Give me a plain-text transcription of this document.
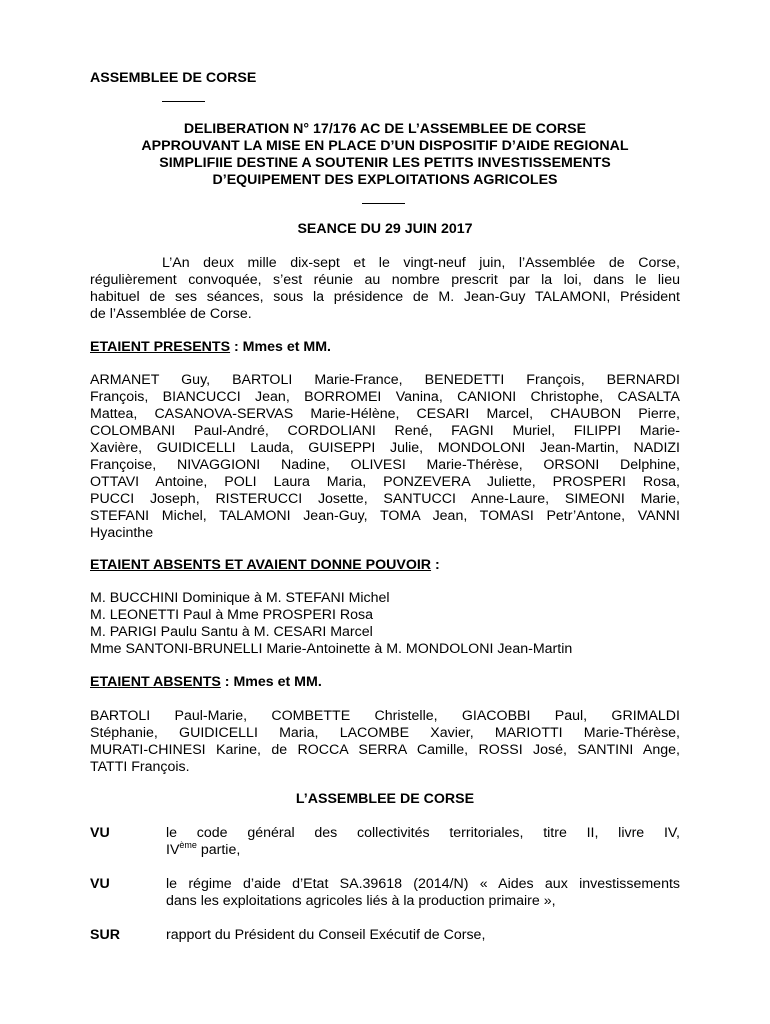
ASSEMBLEE DE CORSE
DELIBERATION N° 17/176 AC DE L’ASSEMBLEE DE CORSE
APPROUVANT LA MISE EN PLACE D’UN DISPOSITIF D’AIDE REGIONAL
SIMPLIFIIE DESTINE A SOUTENIR LES PETITS INVESTISSEMENTS
D’EQUIPEMENT DES EXPLOITATIONS AGRICOLES
SEANCE DU 29 JUIN 2017
L’An deux mille dix-sept et le vingt-neuf juin, l’Assemblée de Corse,
régulièrement convoquée, s’est réunie au nombre prescrit par la loi, dans le lieu
habituel de ses séances, sous la présidence de M. Jean-Guy TALAMONI, Président
de l’Assemblée de Corse.
ETAIENT PRESENTS : Mmes et MM.
ARMANET Guy, BARTOLI Marie-France, BENEDETTI François, BERNARDI
François, BIANCUCCI Jean, BORROMEI Vanina, CANIONI Christophe, CASALTA
Mattea, CASANOVA-SERVAS Marie-Hélène, CESARI Marcel, CHAUBON Pierre,
COLOMBANI Paul-André, CORDOLIANI René, FAGNI Muriel, FILIPPI Marie-
Xavière, GUIDICELLI Lauda, GUISEPPI Julie, MONDOLONI Jean-Martin, NADIZI
Françoise, NIVAGGIONI Nadine, OLIVESI Marie-Thérèse, ORSONI Delphine,
OTTAVI Antoine, POLI Laura Maria, PONZEVERA Juliette, PROSPERI Rosa,
PUCCI Joseph, RISTERUCCI Josette, SANTUCCI Anne-Laure, SIMEONI Marie,
STEFANI Michel, TALAMONI Jean-Guy, TOMA Jean, TOMASI Petr’Antone, VANNI
Hyacinthe
ETAIENT ABSENTS ET AVAIENT DONNE POUVOIR :
M. BUCCHINI Dominique à M. STEFANI Michel
M. LEONETTI Paul à Mme PROSPERI Rosa
M. PARIGI Paulu Santu à M. CESARI Marcel
Mme SANTONI-BRUNELLI Marie-Antoinette à M. MONDOLONI Jean-Martin
ETAIENT ABSENTS : Mmes et MM.
BARTOLI Paul-Marie, COMBETTE Christelle, GIACOBBI Paul, GRIMALDI
Stéphanie, GUIDICELLI Maria, LACOMBE Xavier, MARIOTTI Marie-Thérèse,
MURATI-CHINESI Karine, de ROCCA SERRA Camille, ROSSI José, SANTINI Ange,
TATTI François.
L’ASSEMBLEE DE CORSE
VU	le code général des collectivités territoriales, titre II, livre IV,
IVème partie,
VU	le régime d’aide d’Etat SA.39618 (2014/N) « Aides aux investissements
dans les exploitations agricoles liés à la production primaire »,
SUR	rapport du Président du Conseil Exécutif de Corse,
